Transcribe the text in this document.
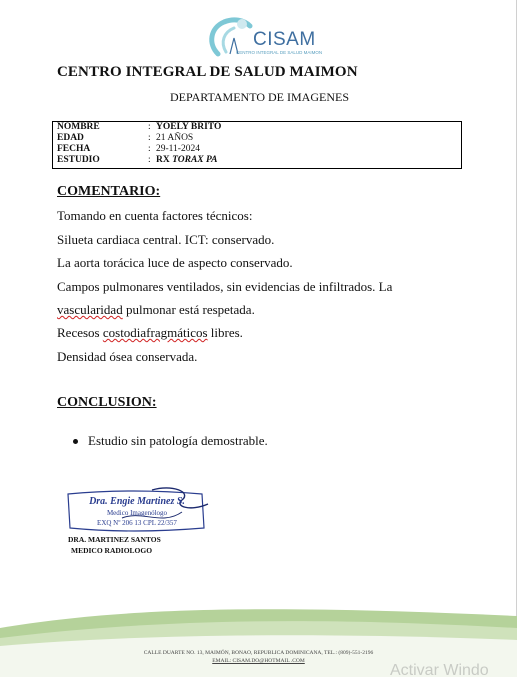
CISAM
CENTRO INTEGRAL DE SALUD MAIMON
CENTRO INTEGRAL DE SALUD MAIMON
DEPARTAMENTO DE IMAGENES
NOMBRE	: YOELY BRITO
EDAD	: 21 AÑOS
FECHA	: 29-11-2024
ESTUDIO	: RX TORAX PA
COMENTARIO:
Tomando en cuenta factores técnicos:
Silueta cardiaca central. ICT: conservado.
La aorta torácica luce de aspecto conservado.
Campos pulmonares ventilados, sin evidencias de infiltrados. La
vascularidad pulmonar está respetada.
Recesos costodiafragmáticos libres.
Densidad ósea conservada.
CONCLUSION:
Estudio sin patología demostrable.
Dra. Engie Martinez S.
Medico Imagenólogo
EXQ Nº 206 13 CPL 22/357
DRA. MARTINEZ SANTOS
MEDICO RADIOLOGO
CALLE DUARTE NO. 13, MAIMÓN, BONAO, REPUBLICA DOMINICANA, TEL.: (809)-551-2196
EMAIL: CISAM.DO@HOTMAIL .COM
Activar Windo
